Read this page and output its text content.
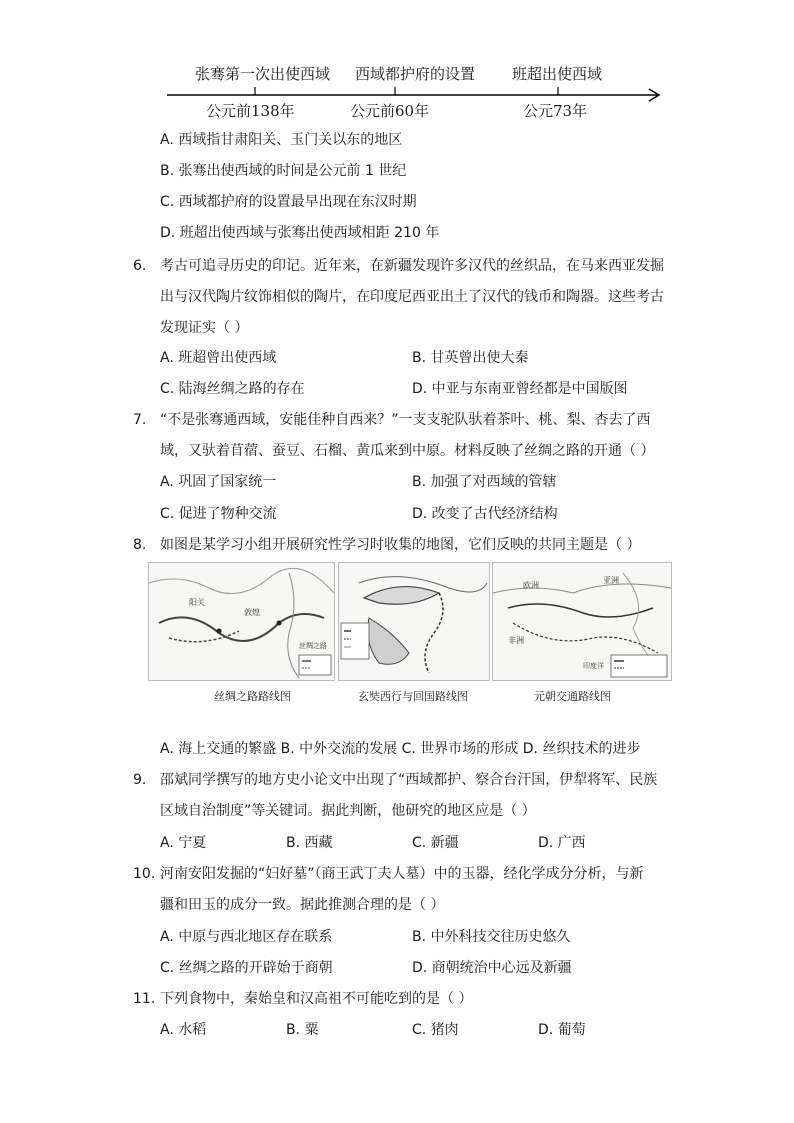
张骞第一次出使西域 西域都护府的设置 班超出使西域
公元前138年	公元前60年	公元73年
A. 西域指甘肃阳关、玉门关以东的地区
B. 张骞出使西域的时间是公元前 1 世纪
C. 西域都护府的设置最早出现在东汉时期
D. 班超出使西域与张骞出使西域相距 210 年
6. 考古可追寻历史的印记。近年来，在新疆发现许多汉代的丝织品，在马来西亚发掘
出与汉代陶片纹饰相似的陶片，在印度尼西亚出土了汉代的钱币和陶器。这些考古
发现证实（ ）
A. 班超曾出使西域	B. 甘英曾出使大秦
C. 陆海丝绸之路的存在	D. 中亚与东南亚曾经都是中国版图
7. “不是张骞通西域，安能佳种自西来？”一支支驼队驮着茶叶、桃、梨、杏去了西
域，又驮着苜蓿、蚕豆、石榴、黄瓜来到中原。材料反映了丝绸之路的开通（ ）
A. 巩固了国家统一	B. 加强了对西域的管辖
C. 促进了物种交流	D. 改变了古代经济结构
8. 如图是某学习小组开展研究性学习时收集的地图，它们反映的共同主题是（ ）
阳关
敦煌
丝绸之路
亚洲
欧洲
非洲
印度洋
丝绸之路路线图	玄奘西行与回国路线图	元朝交通路线图
A. 海上交通的繁盛 B. 中外交流的发展 C. 世界市场的形成 D. 丝织技术的进步
9. 邵斌同学撰写的地方史小论文中出现了“西域都护、察合台汗国，伊犁将军、民族
区域自治制度”等关键词。据此判断，他研究的地区应是（ ）
A. 宁夏	B. 西藏	C. 新疆	D. 广西
10. 河南安阳发掘的“妇好墓”（商王武丁夫人墓）中的玉器，经化学成分分析，与新
疆和田玉的成分一致。据此推测合理的是（ ）
A. 中原与西北地区存在联系	B. 中外科技交往历史悠久
C. 丝绸之路的开辟始于商朝	D. 商朝统治中心远及新疆
11. 下列食物中，秦始皇和汉高祖不可能吃到的是（ ）
A. 水稻	B. 粟	C. 猪肉	D. 葡萄
